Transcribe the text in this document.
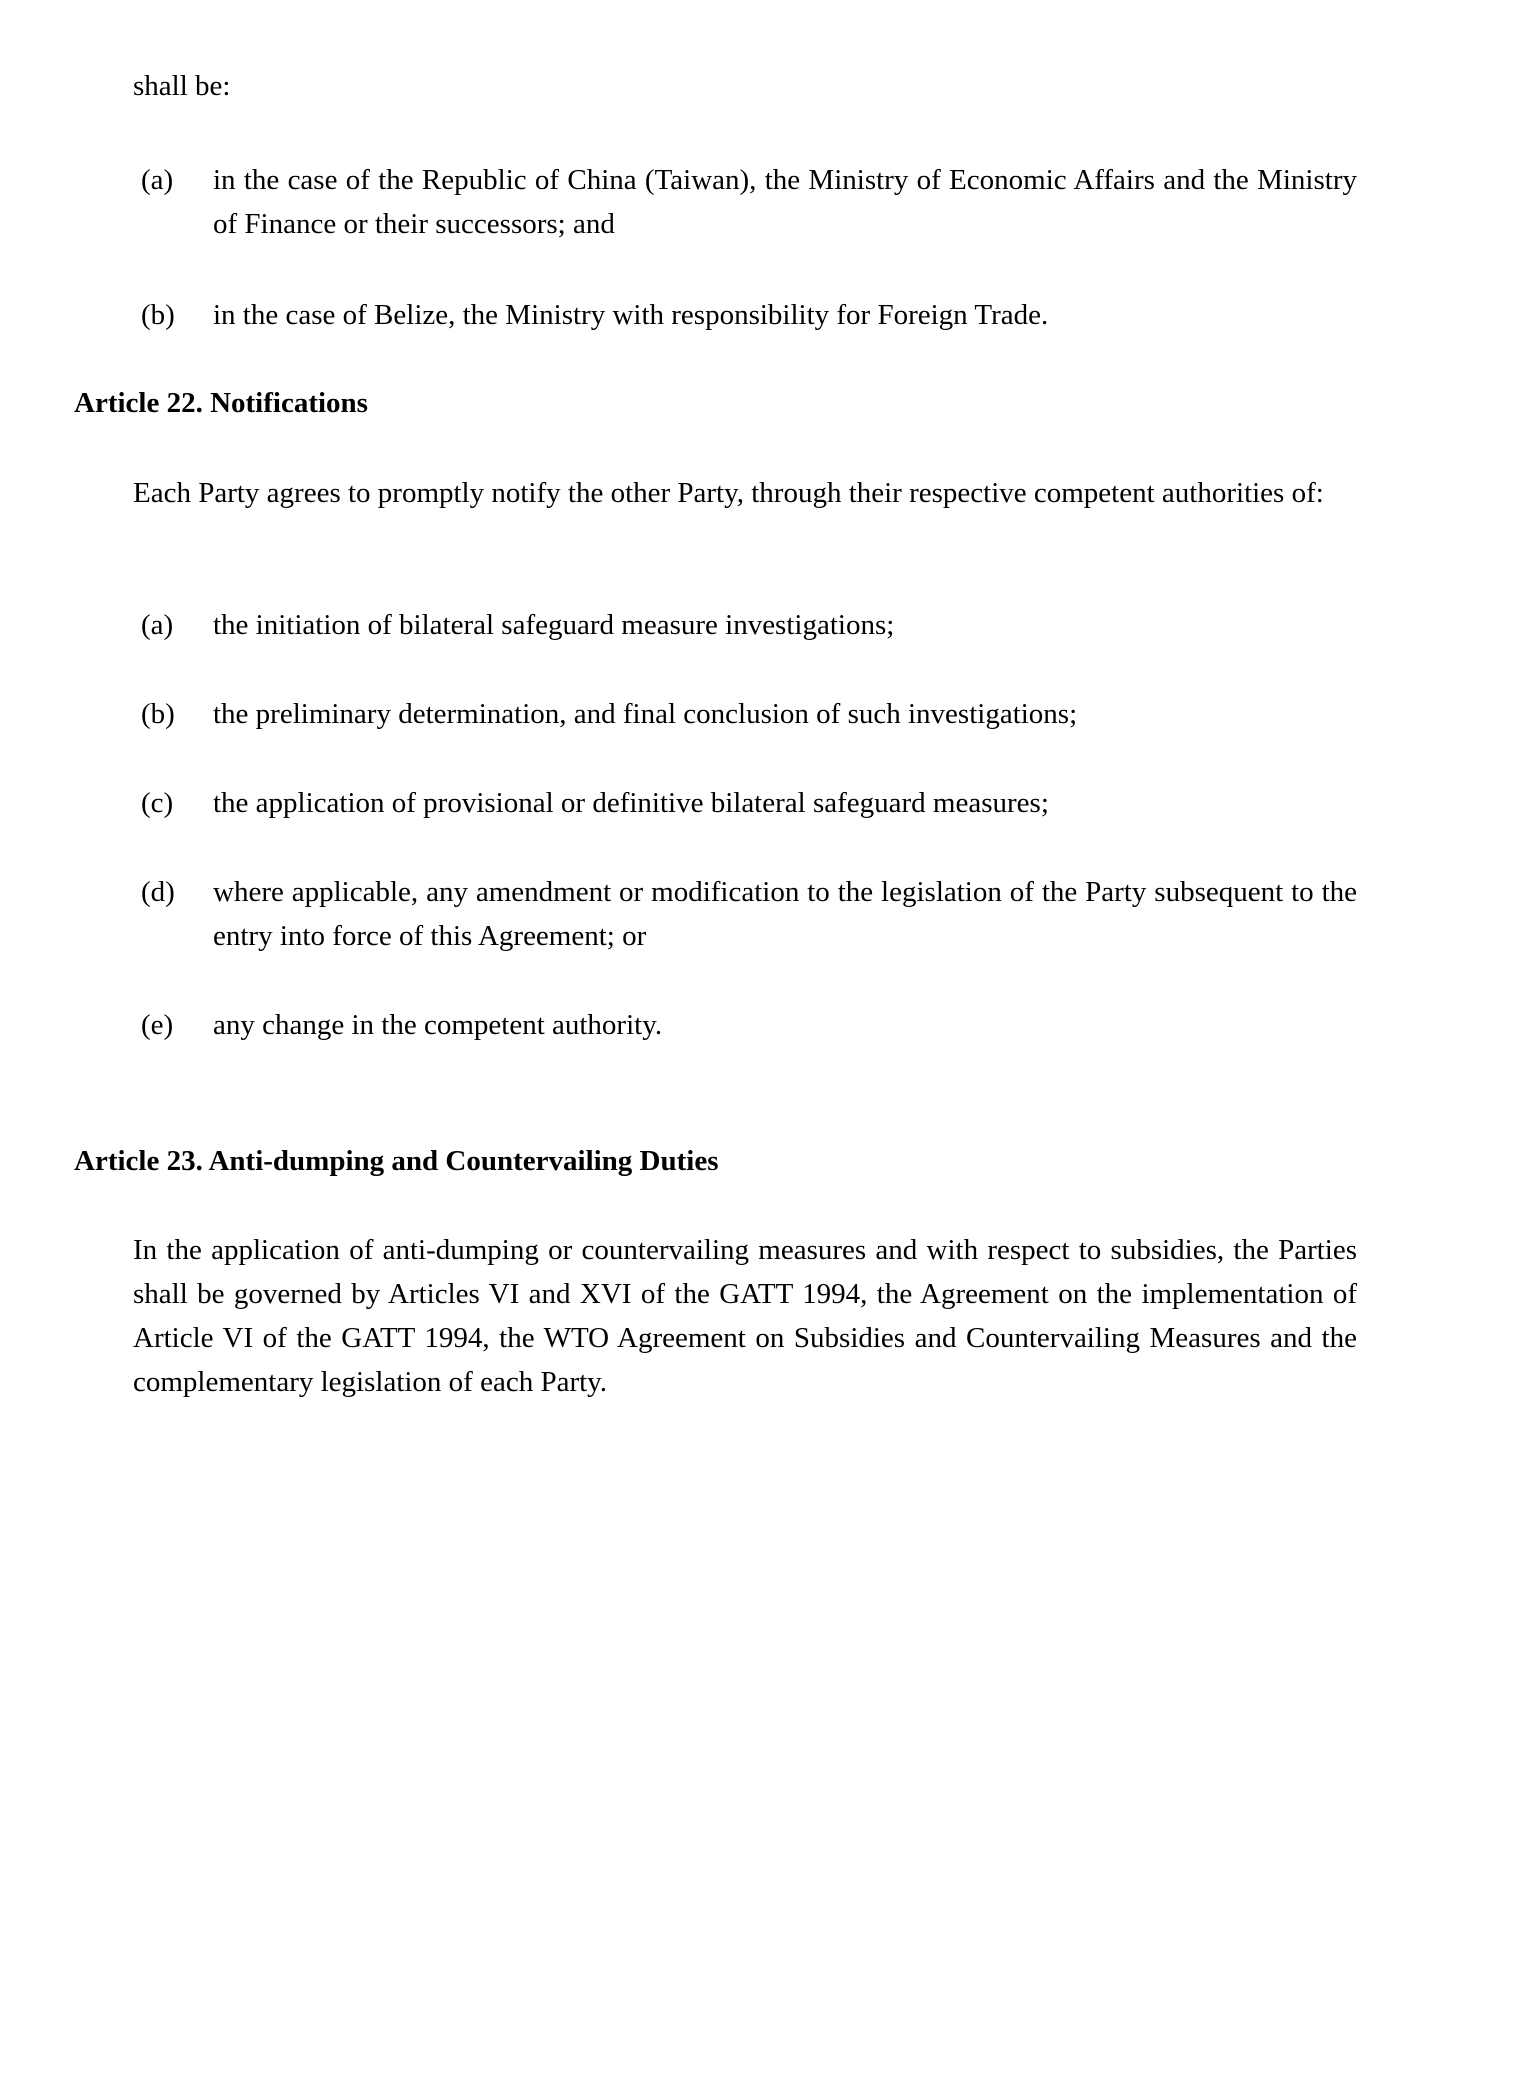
shall be:

(a)	in the case of the Republic of China (Taiwan), the Ministry of Economic Affairs and the Ministry of Finance or their successors; and
(b)	in the case of Belize, the Ministry with responsibility for Foreign Trade.
Article 22. Notifications

Each Party agrees to promptly notify the other Party, through their respective competent authorities of:

(a)	the initiation of bilateral safeguard measure investigations;
(b)	the preliminary determination, and final conclusion of such investigations;
(c)	the application of provisional or definitive bilateral safeguard measures;
(d)	where applicable, any amendment or modification to the legislation of the Party subsequent to the entry into force of this Agreement; or
(e)	any change in the competent authority.
Article 23. Anti-dumping and Countervailing Duties

In the application of anti-dumping or countervailing measures and with respect to subsidies, the Parties shall be governed by Articles VI and XVI of the GATT 1994, the Agreement on the implementation of Article VI of the GATT 1994, the WTO Agreement on Subsidies and Countervailing Measures and the complementary legislation of each Party.
